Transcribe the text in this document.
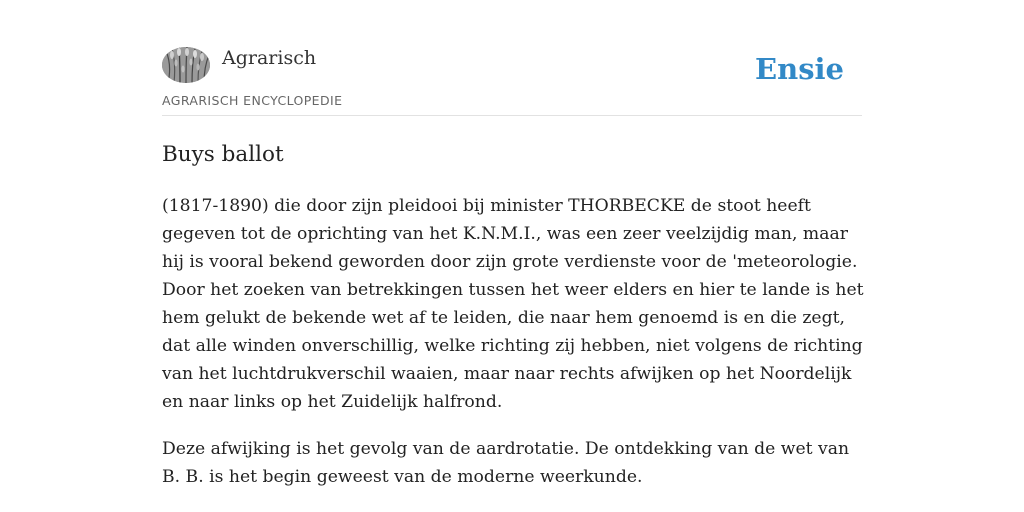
Agrarisch
AGRARISCH ENCYCLOPEDIE
Ensie
Buys ballot

(1817-1890) die door zijn pleidooi bij minister THORBECKE de stoot heeft gegeven tot de oprichting van het K.N.M.I., was een zeer veelzijdig man, maar hij is vooral bekend geworden door zijn grote verdienste voor de 'meteorologie. Door het zoeken van betrekkingen tussen het weer elders en hier te lande is het hem gelukt de bekende wet af te leiden, die naar hem genoemd is en die zegt, dat alle winden onverschillig, welke richting zij hebben, niet volgens de richting van het luchtdrukverschil waaien, maar naar rechts afwijken op het Noordelijk en naar links op het Zuidelijk halfrond.

Deze afwijking is het gevolg van de aardrotatie. De ontdekking van de wet van B. B. is het begin geweest van de moderne weerkunde.
